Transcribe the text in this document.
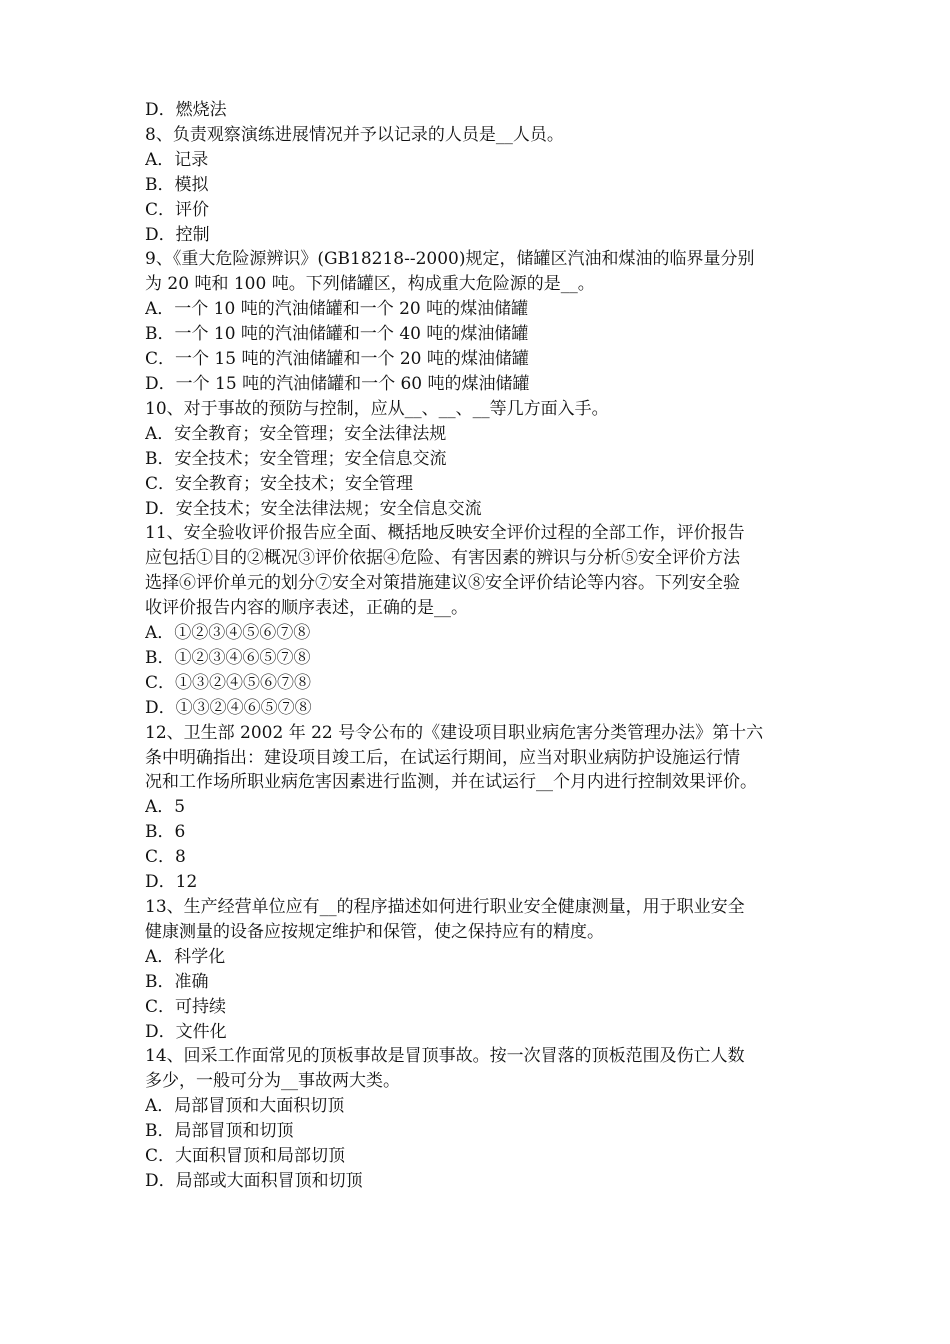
D．燃烧法
8、负责观察演练进展情况并予以记录的人员是__人员。
A．记录
B．模拟
C．评价
D．控制
9、《重大危险源辨识》(GB18218--2000)规定，储罐区汽油和煤油的临界量分别
为 20 吨和 100 吨。下列储罐区，构成重大危险源的是__。
A．一个 10 吨的汽油储罐和一个 20 吨的煤油储罐
B．一个 10 吨的汽油储罐和一个 40 吨的煤油储罐
C．一个 15 吨的汽油储罐和一个 20 吨的煤油储罐
D．一个 15 吨的汽油储罐和一个 60 吨的煤油储罐
10、对于事故的预防与控制，应从__、__、__等几方面入手。
A．安全教育；安全管理；安全法律法规
B．安全技术；安全管理；安全信息交流
C．安全教育；安全技术；安全管理
D．安全技术；安全法律法规；安全信息交流
11、安全验收评价报告应全面、概括地反映安全评价过程的全部工作，评价报告
应包括①目的②概况③评价依据④危险、有害因素的辨识与分析⑤安全评价方法
选择⑥评价单元的划分⑦安全对策措施建议⑧安全评价结论等内容。下列安全验
收评价报告内容的顺序表述，正确的是__。
A．①②③④⑤⑥⑦⑧
B．①②③④⑥⑤⑦⑧
C．①③②④⑤⑥⑦⑧
D．①③②④⑥⑤⑦⑧
12、卫生部 2002 年 22 号令公布的《建设项目职业病危害分类管理办法》第十六
条中明确指出：建设项目竣工后，在试运行期间，应当对职业病防护设施运行情
况和工作场所职业病危害因素进行监测，并在试运行__个月内进行控制效果评价。
A．5
B．6
C．8
D．12
13、生产经营单位应有__的程序描述如何进行职业安全健康测量，用于职业安全
健康测量的设备应按规定维护和保管，使之保持应有的精度。
A．科学化
B．准确
C．可持续
D．文件化
14、回采工作面常见的顶板事故是冒顶事故。按一次冒落的顶板范围及伤亡人数
多少，一般可分为__事故两大类。
A．局部冒顶和大面积切顶
B．局部冒顶和切顶
C．大面积冒顶和局部切顶
D．局部或大面积冒顶和切顶
